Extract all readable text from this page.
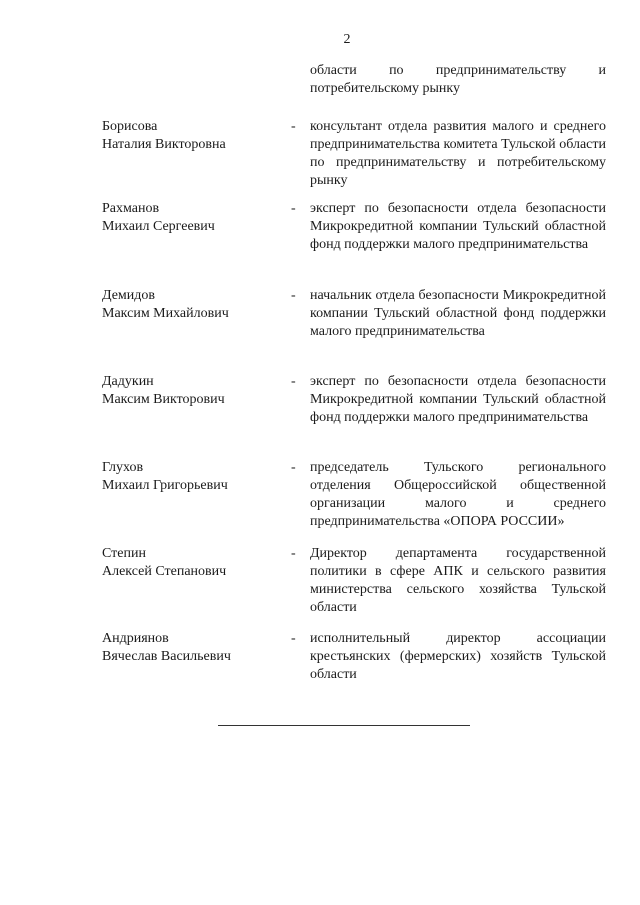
2
области по предпринимательству и потребительскому рынку
Борисова
Наталия Викторовна
- консультант отдела развития малого и среднего предпринимательства комитета Тульской области по предпринимательству и потребительскому рынку
Рахманов
Михаил Сергеевич
- эксперт по безопасности отдела безопасности Микрокредитной компании Тульский областной фонд поддержки малого предпринимательства
Демидов
Максим Михайлович
- начальник отдела безопасности Микрокредитной компании Тульский областной фонд поддержки малого предпринимательства
Дадукин
Максим Викторович
- эксперт по безопасности отдела безопасности Микрокредитной компании Тульский областной фонд поддержки малого предпринимательства
Глухов
Михаил Григорьевич
- председатель Тульского регионального отделения Общероссийской общественной организации малого и среднего предпринимательства «ОПОРА РОССИИ»
Степин
Алексей Степанович
- Директор департамента государственной политики в сфере АПК и сельского развития министерства сельского хозяйства Тульской области
Андриянов
Вячеслав Васильевич
- исполнительный директор ассоциации крестьянских (фермерских) хозяйств Тульской области
